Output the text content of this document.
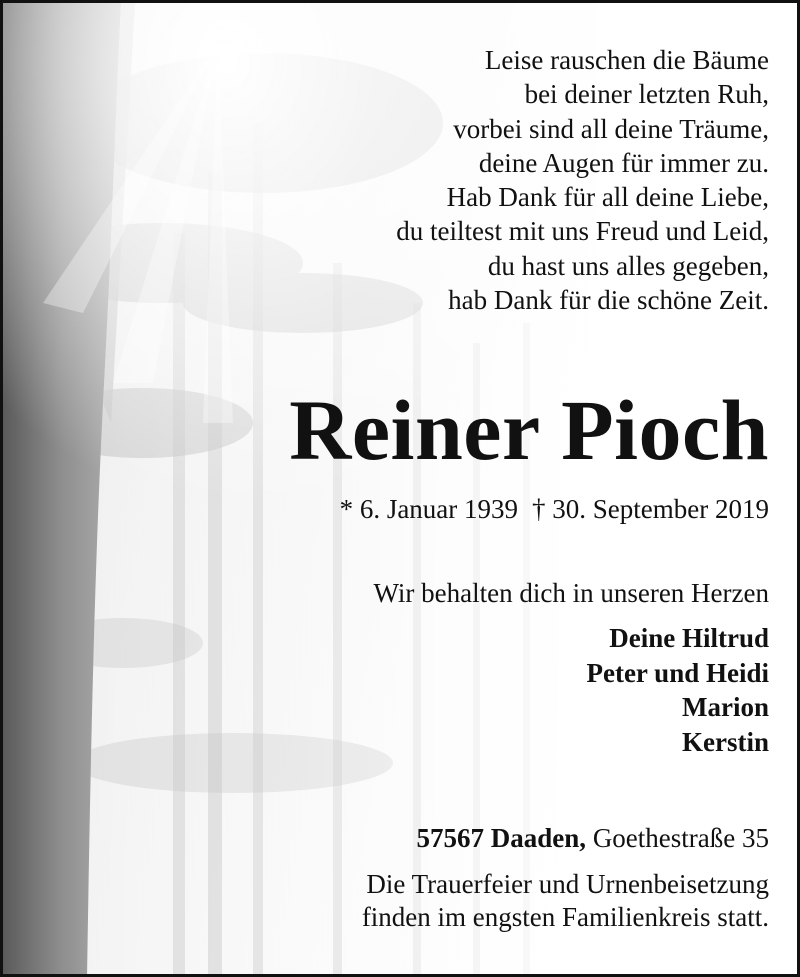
Leise rauschen die Bäume
bei deiner letzten Ruh,
vorbei sind all deine Träume,
deine Augen für immer zu.
Hab Dank für all deine Liebe,
du teiltest mit uns Freud und Leid,
du hast uns alles gegeben,
hab Dank für die schöne Zeit.
Reiner Pioch
* 6. Januar 1939 † 30. September 2019
Wir behalten dich in unseren Herzen
Deine Hiltrud
Peter und Heidi
Marion
Kerstin
57567 Daaden, Goethestraße 35
Die Trauerfeier und Urnenbeisetzung
finden im engsten Familienkreis statt.
